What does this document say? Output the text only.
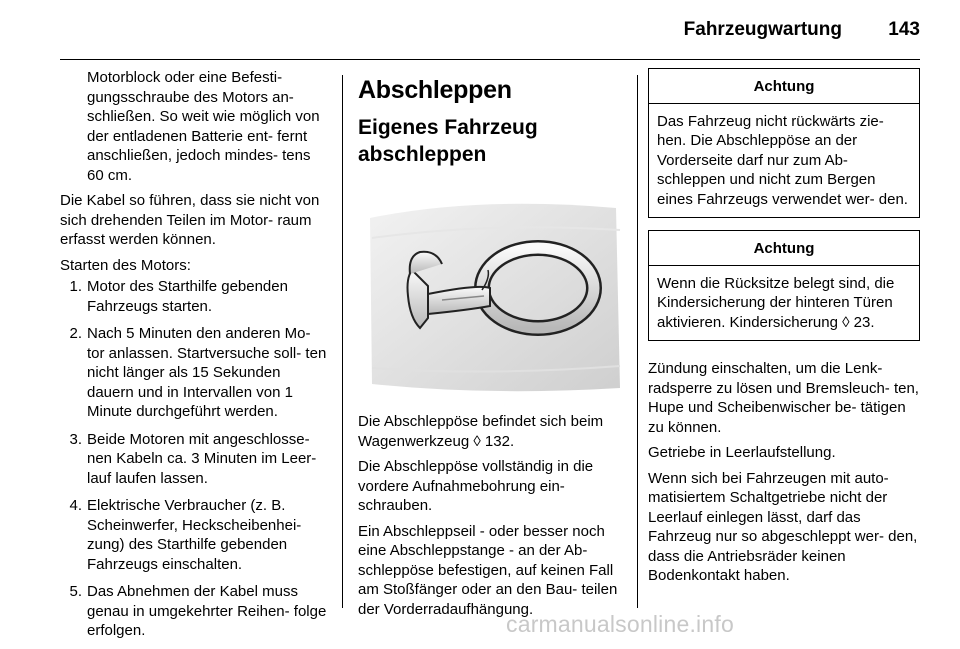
Fahrzeugwartung 143

Motorblock oder eine Befesti- gungsschraube des Motors an- schließen. So weit wie möglich von der entladenen Batterie ent- fernt anschließen, jedoch mindes- tens 60 cm.

Die Kabel so führen, dass sie nicht von sich drehenden Teilen im Motor- raum erfasst werden können.

Starten des Motors:

1. Motor des Starthilfe gebenden Fahrzeugs starten.
2. Nach 5 Minuten den anderen Mo- tor anlassen. Startversuche soll- ten nicht länger als 15 Sekunden dauern und in Intervallen von 1 Minute durchgeführt werden.
3. Beide Motoren mit angeschlosse- nen Kabeln ca. 3 Minuten im Leer- lauf laufen lassen.
4. Elektrische Verbraucher (z. B. Scheinwerfer, Heckscheibenhei- zung) des Starthilfe gebenden Fahrzeugs einschalten.
5. Das Abnehmen der Kabel muss genau in umgekehrter Reihen- folge erfolgen.
Abschleppen
Eigenes Fahrzeug
abschleppen

Die Abschleppöse befindet sich beim Wagenwerkzeug ◊ 132.

Die Abschleppöse vollständig in die vordere Aufnahmebohrung ein- schrauben.

Ein Abschleppseil - oder besser noch eine Abschleppstange - an der Ab- schleppöse befestigen, auf keinen Fall am Stoßfänger oder an den Bau- teilen der Vorderradaufhängung.

Achtung
Das Fahrzeug nicht rückwärts zie- hen. Die Abschleppöse an der Vorderseite darf nur zum Ab- schleppen und nicht zum Bergen eines Fahrzeugs verwendet wer- den.
Achtung
Wenn die Rücksitze belegt sind, die Kindersicherung der hinteren Türen aktivieren. Kindersicherung ◊ 23.

Zündung einschalten, um die Lenk- radsperre zu lösen und Bremsleuch- ten, Hupe und Scheibenwischer be- tätigen zu können.

Getriebe in Leerlaufstellung.

Wenn sich bei Fahrzeugen mit auto- matisiertem Schaltgetriebe nicht der Leerlauf einlegen lässt, darf das Fahrzeug nur so abgeschleppt wer- den, dass die Antriebsräder keinen Bodenkontakt haben.

carmanualsonline.info
